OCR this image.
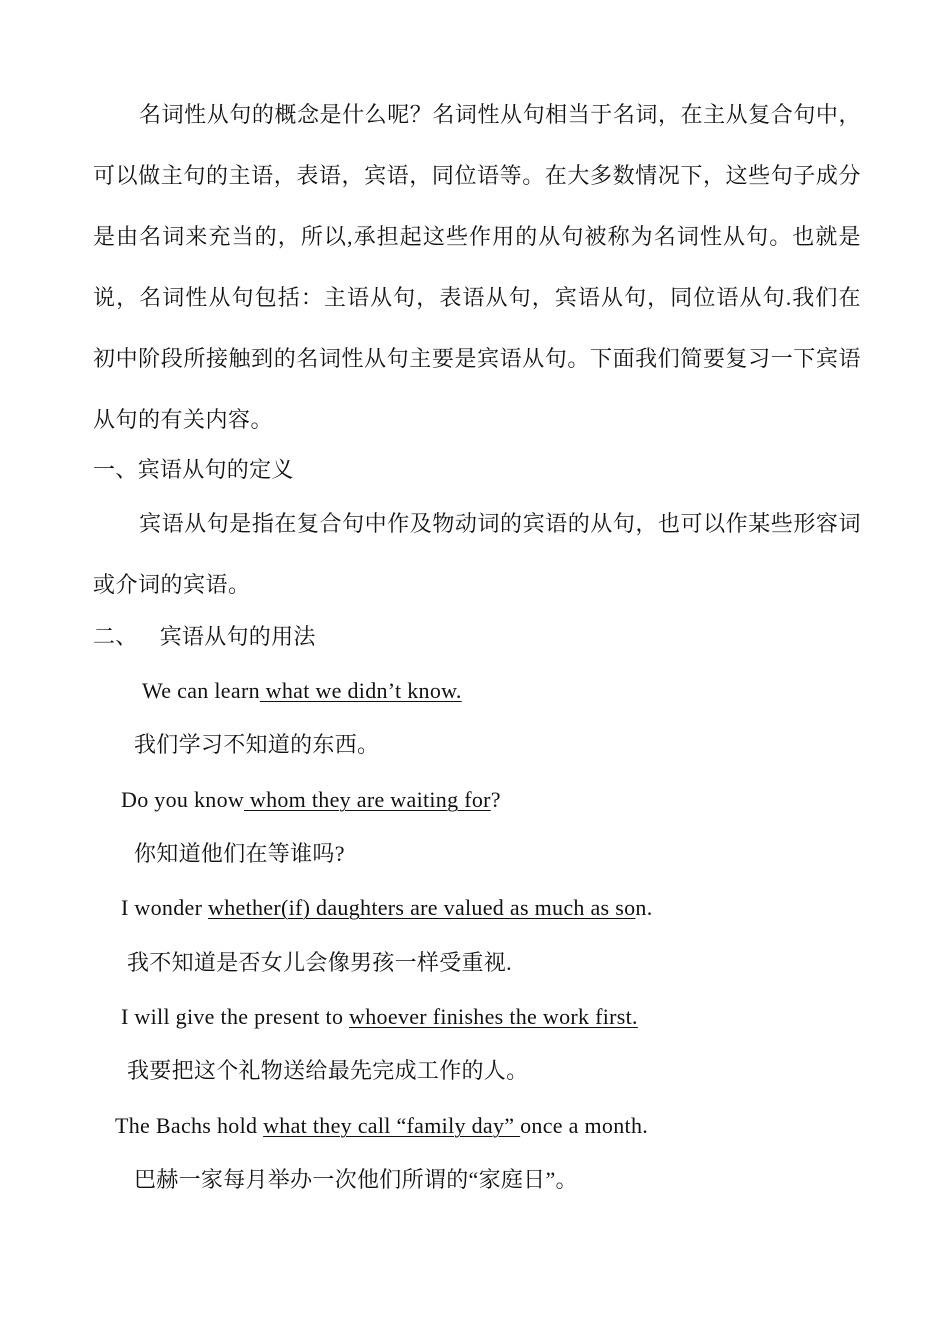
名词性从句的概念是什么呢？名词性从句相当于名词，在主从复合句中，可以做主句的主语，表语，宾语，同位语等。在大多数情况下，这些句子成分是由名词来充当的，所以,承担起这些作用的从句被称为名词性从句。也就是说，名词性从句包括：主语从句，表语从句，宾语从句，同位语从句.我们在初中阶段所接触到的名词性从句主要是宾语从句。下面我们简要复习一下宾语从句的有关内容。
一、宾语从句的定义
宾语从句是指在复合句中作及物动词的宾语的从句，也可以作某些形容词或介词的宾语。
二、 宾语从句的用法
We can learn what we didn’t know.
我们学习不知道的东西。
Do you know whom they are waiting for?
你知道他们在等谁吗?
I wonder whether(if) daughters are valued as much as son.
我不知道是否女儿会像男孩一样受重视.
I will give the present to whoever finishes the work first.
我要把这个礼物送给最先完成工作的人。
The Bachs hold what they call “family day” once a month.
巴赫一家每月举办一次他们所谓的“家庭日”。
